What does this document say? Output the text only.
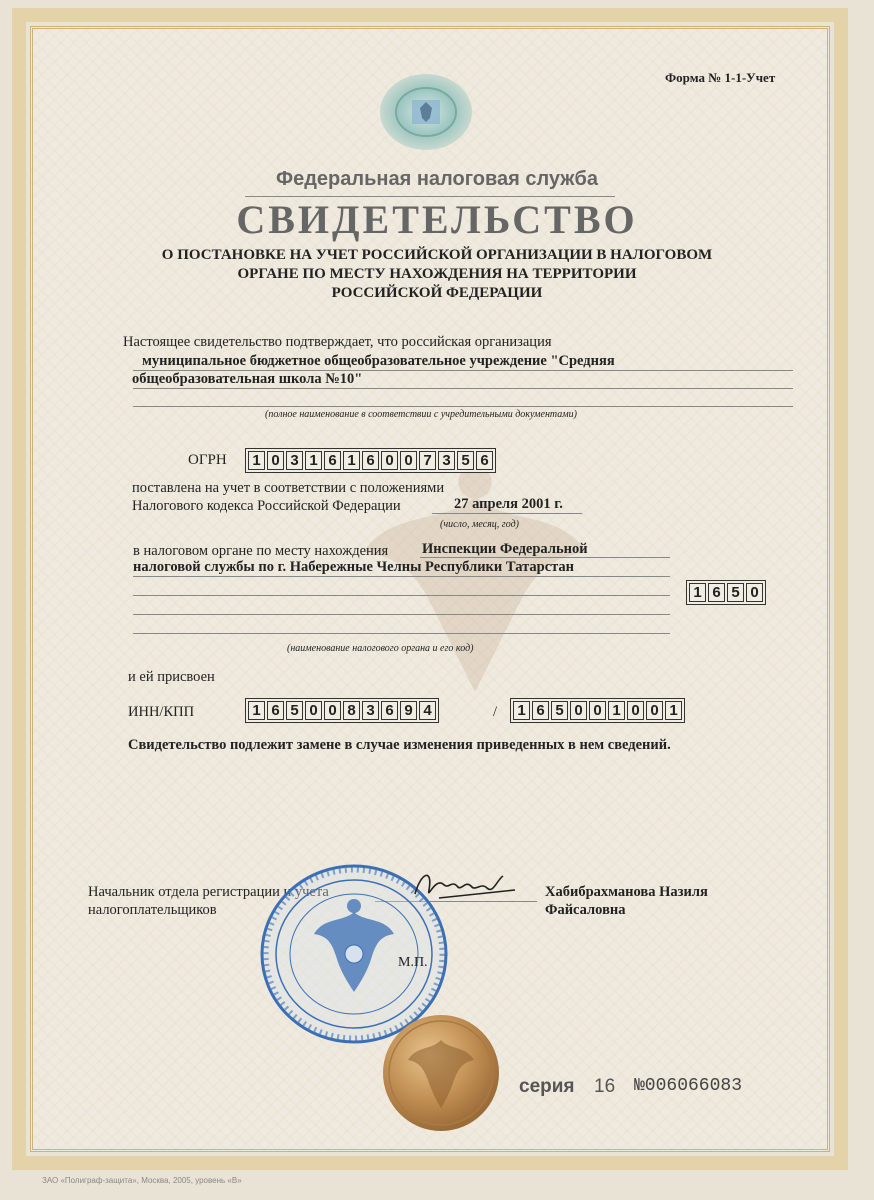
Форма № 1-1-Учет
Федеральная налоговая служба
СВИДЕТЕЛЬСТВО
О ПОСТАНОВКЕ НА УЧЕТ РОССИЙСКОЙ ОРГАНИЗАЦИИ В НАЛОГОВОМ
ОРГАНЕ ПО МЕСТУ НАХОЖДЕНИЯ НА ТЕРРИТОРИИ
РОССИЙСКОЙ ФЕДЕРАЦИИ
Настоящее свидетельство подтверждает, что российская организация
муниципальное бюджетное общеобразовательное учреждение "Средняя
общеобразовательная школа №10"
(полное наименование в соответствии с учредительными документами)
ОГРН 1 0 3 1 6 1 6 0 0 7 3 5 6
поставлена на учет в соответствии с положениями
Налогового кодекса Российской Федерации	27 апреля 2001 г.
(число, месяц, год)
в налоговом органе по месту нахождения Инспекции Федеральной
налоговой службы по г. Набережные Челны Республики Татарстан
1 6 5 0
(наименование налогового органа и его код)
и ей присвоен
ИНН/КПП	1 6 5 0 0 8 3 6 9 4	/ 1 6 5 0 0 1 0 0 1
Свидетельство подлежит замене в случае изменения приведенных в нем сведений.
Начальник отдела регистрации и учета
налогоплательщиков
Хабибрахманова Назиля
Файсаловна
М.П.
серия 16 №006066083
ЗАО «Полиграф-защита», Москва, 2005, уровень «В»
